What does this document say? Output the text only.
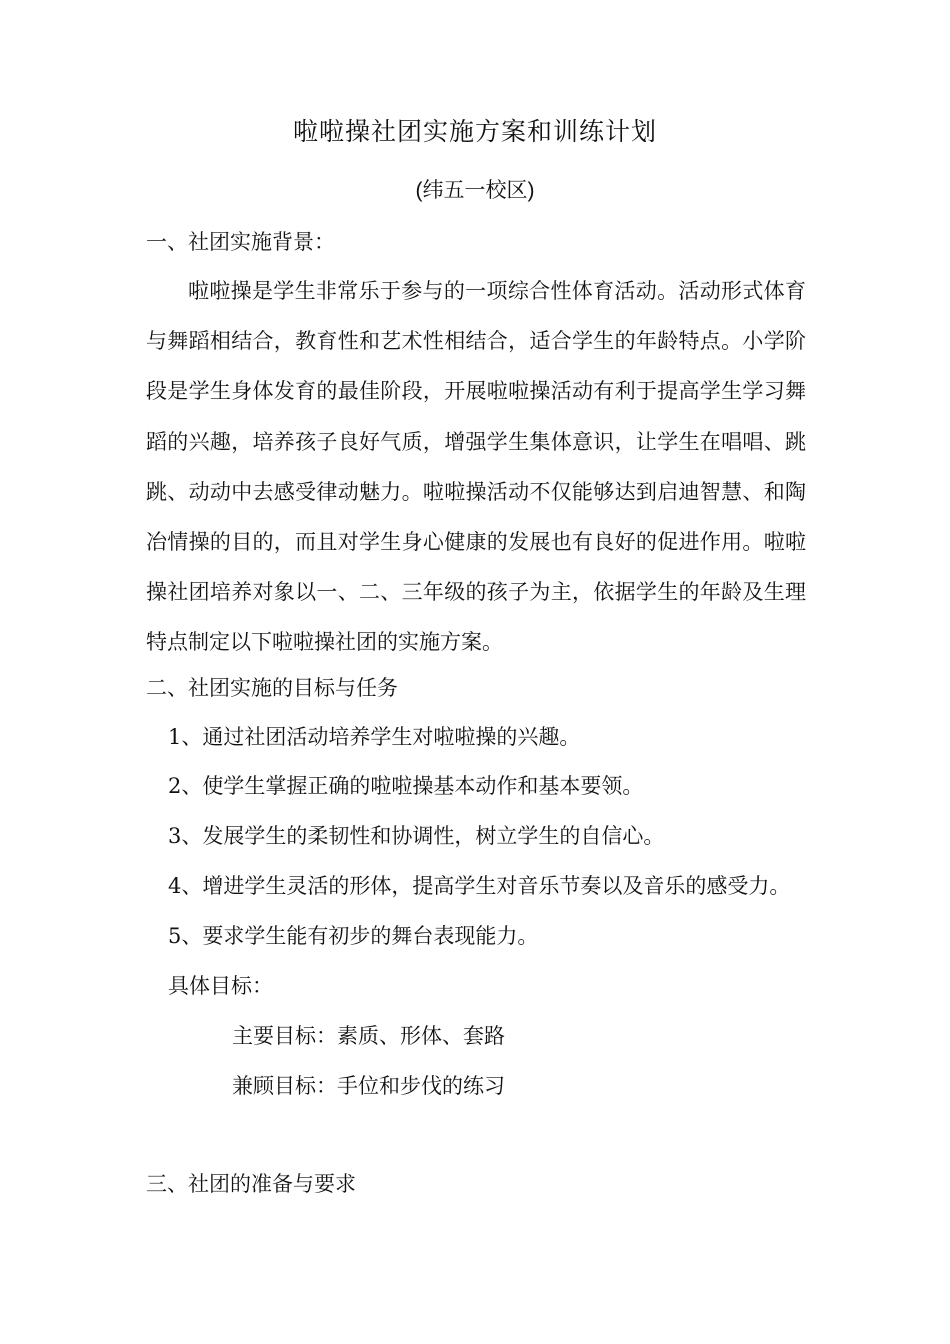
啦啦操社团实施方案和训练计划
(纬五一校区)
一、社团实施背景：
啦啦操是学生非常乐于参与的一项综合性体育活动。活动形式体育与舞蹈相结合，教育性和艺术性相结合，适合学生的年龄特点。小学阶段是学生身体发育的最佳阶段，开展啦啦操活动有利于提高学生学习舞蹈的兴趣，培养孩子良好气质，增强学生集体意识，让学生在唱唱、跳跳、动动中去感受律动魅力。啦啦操活动不仅能够达到启迪智慧、和陶冶情操的目的，而且对学生身心健康的发展也有良好的促进作用。啦啦操社团培养对象以一、二、三年级的孩子为主，依据学生的年龄及生理特点制定以下啦啦操社团的实施方案。
二、社团实施的目标与任务
1、通过社团活动培养学生对啦啦操的兴趣。
2、使学生掌握正确的啦啦操基本动作和基本要领。
3、发展学生的柔韧性和协调性，树立学生的自信心。
4、增进学生灵活的形体，提高学生对音乐节奏以及音乐的感受力。
5、要求学生能有初步的舞台表现能力。
具体目标：
主要目标：素质、形体、套路
兼顾目标：手位和步伐的练习
三、社团的准备与要求
